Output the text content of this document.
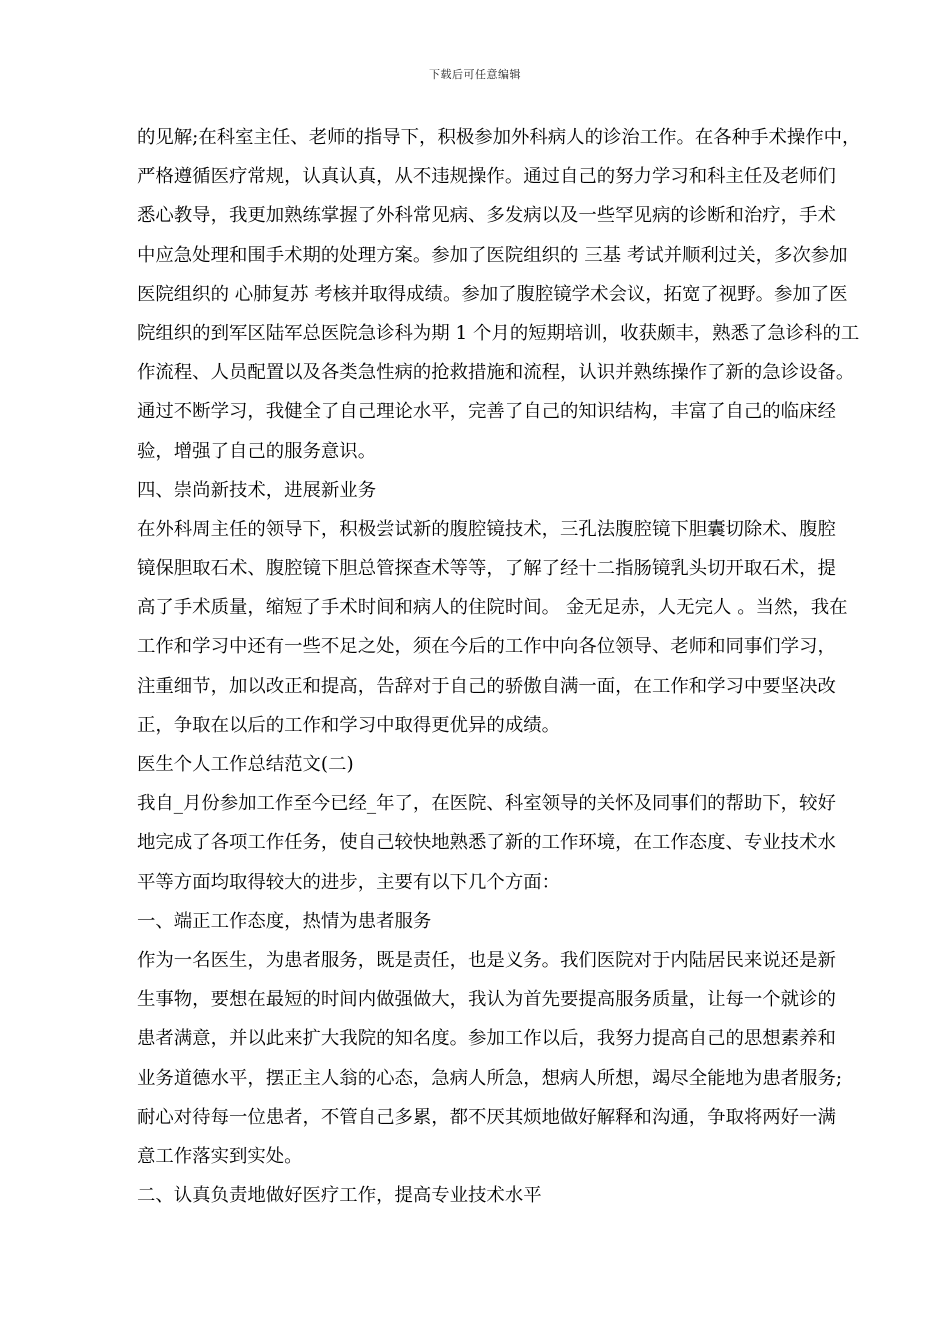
下载后可任意编辑
的见解;在科室主任、老师的指导下，积极参加外科病人的诊治工作。在各种手术操作中，
严格遵循医疗常规，认真认真，从不违规操作。通过自己的努力学习和科主任及老师们
悉心教导，我更加熟练掌握了外科常见病、多发病以及一些罕见病的诊断和治疗，手术
中应急处理和围手术期的处理方案。参加了医院组织的 三基 考试并顺利过关，多次参加
医院组织的 心肺复苏 考核并取得成绩。参加了腹腔镜学术会议，拓宽了视野。参加了医
院组织的到军区陆军总医院急诊科为期 1 个月的短期培训，收获颇丰，熟悉了急诊科的工
作流程、人员配置以及各类急性病的抢救措施和流程，认识并熟练操作了新的急诊设备。
通过不断学习，我健全了自己理论水平，完善了自己的知识结构，丰富了自己的临床经
验，增强了自己的服务意识。
四、崇尚新技术，进展新业务
在外科周主任的领导下，积极尝试新的腹腔镜技术，三孔法腹腔镜下胆囊切除术、腹腔
镜保胆取石术、腹腔镜下胆总管探查术等等，了解了经十二指肠镜乳头切开取石术，提
高了手术质量，缩短了手术时间和病人的住院时间。 金无足赤，人无完人 。当然，我在
工作和学习中还有一些不足之处，须在今后的工作中向各位领导、老师和同事们学习，
注重细节，加以改正和提高，告辞对于自己的骄傲自满一面，在工作和学习中要坚决改
正，争取在以后的工作和学习中取得更优异的成绩。
医生个人工作总结范文(二)
我自_月份参加工作至今已经_年了，在医院、科室领导的关怀及同事们的帮助下，较好
地完成了各项工作任务，使自己较快地熟悉了新的工作环境，在工作态度、专业技术水
平等方面均取得较大的进步，主要有以下几个方面：
一、端正工作态度，热情为患者服务
作为一名医生，为患者服务，既是责任，也是义务。我们医院对于内陆居民来说还是新
生事物，要想在最短的时间内做强做大，我认为首先要提高服务质量，让每一个就诊的
患者满意，并以此来扩大我院的知名度。参加工作以后，我努力提高自己的思想素养和
业务道德水平，摆正主人翁的心态，急病人所急，想病人所想，竭尽全能地为患者服务;
耐心对待每一位患者，不管自己多累，都不厌其烦地做好解释和沟通，争取将两好一满
意工作落实到实处。
二、认真负责地做好医疗工作，提高专业技术水平
